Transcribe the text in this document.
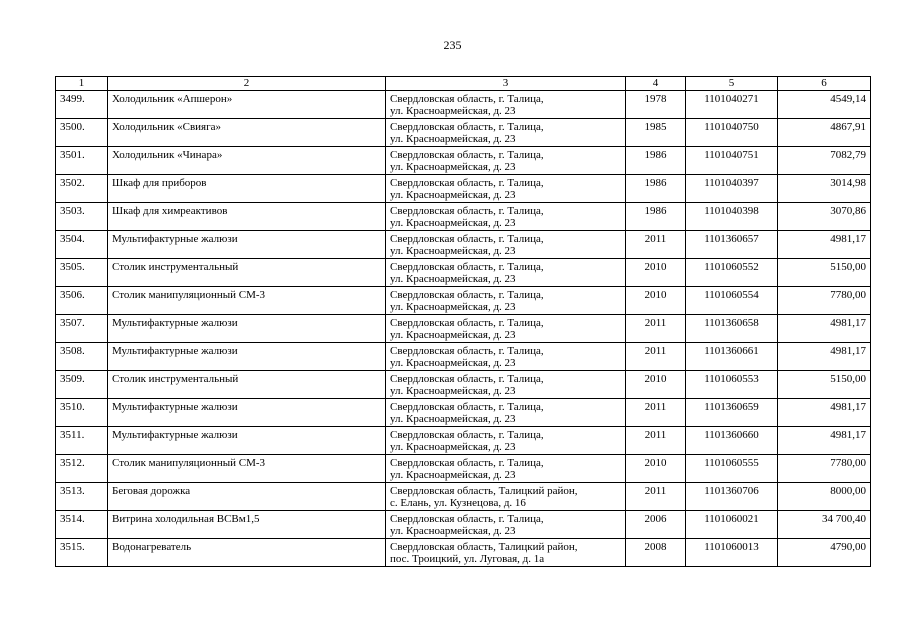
235
1	2	3	4	5	6
3499.	Холодильник «Апшерон»	Свердловская область, г. Талица,
ул. Красноармейская, д. 23	1978	1101040271	4549,14
3500.	Холодильник «Свияга»	Свердловская область, г. Талица,
ул. Красноармейская, д. 23	1985	1101040750	4867,91
3501.	Холодильник «Чинара»	Свердловская область, г. Талица,
ул. Красноармейская, д. 23	1986	1101040751	7082,79
3502.	Шкаф для приборов	Свердловская область, г. Талица,
ул. Красноармейская, д. 23	1986	1101040397	3014,98
3503.	Шкаф для химреактивов	Свердловская область, г. Талица,
ул. Красноармейская, д. 23	1986	1101040398	3070,86
3504.	Мультифактурные жалюзи	Свердловская область, г. Талица,
ул. Красноармейская, д. 23	2011	1101360657	4981,17
3505.	Столик инструментальный	Свердловская область, г. Талица,
ул. Красноармейская, д. 23	2010	1101060552	5150,00
3506.	Столик манипуляционный СМ-3	Свердловская область, г. Талица,
ул. Красноармейская, д. 23	2010	1101060554	7780,00
3507.	Мультифактурные жалюзи	Свердловская область, г. Талица,
ул. Красноармейская, д. 23	2011	1101360658	4981,17
3508.	Мультифактурные жалюзи	Свердловская область, г. Талица,
ул. Красноармейская, д. 23	2011	1101360661	4981,17
3509.	Столик инструментальный	Свердловская область, г. Талица,
ул. Красноармейская, д. 23	2010	1101060553	5150,00
3510.	Мультифактурные жалюзи	Свердловская область, г. Талица,
ул. Красноармейская, д. 23	2011	1101360659	4981,17
3511.	Мультифактурные жалюзи	Свердловская область, г. Талица,
ул. Красноармейская, д. 23	2011	1101360660	4981,17
3512.	Столик манипуляционный СМ-3	Свердловская область, г. Талица,
ул. Красноармейская, д. 23	2010	1101060555	7780,00
3513.	Беговая дорожка	Свердловская область, Талицкий район,
с. Елань, ул. Кузнецова, д. 16	2011	1101360706	8000,00
3514.	Витрина холодильная ВСВм1,5	Свердловская область, г. Талица,
ул. Красноармейская, д. 23	2006	1101060021	34 700,40
3515.	Водонагреватель	Свердловская область, Талицкий район,
пос. Троицкий, ул. Луговая, д. 1а	2008	1101060013	4790,00
